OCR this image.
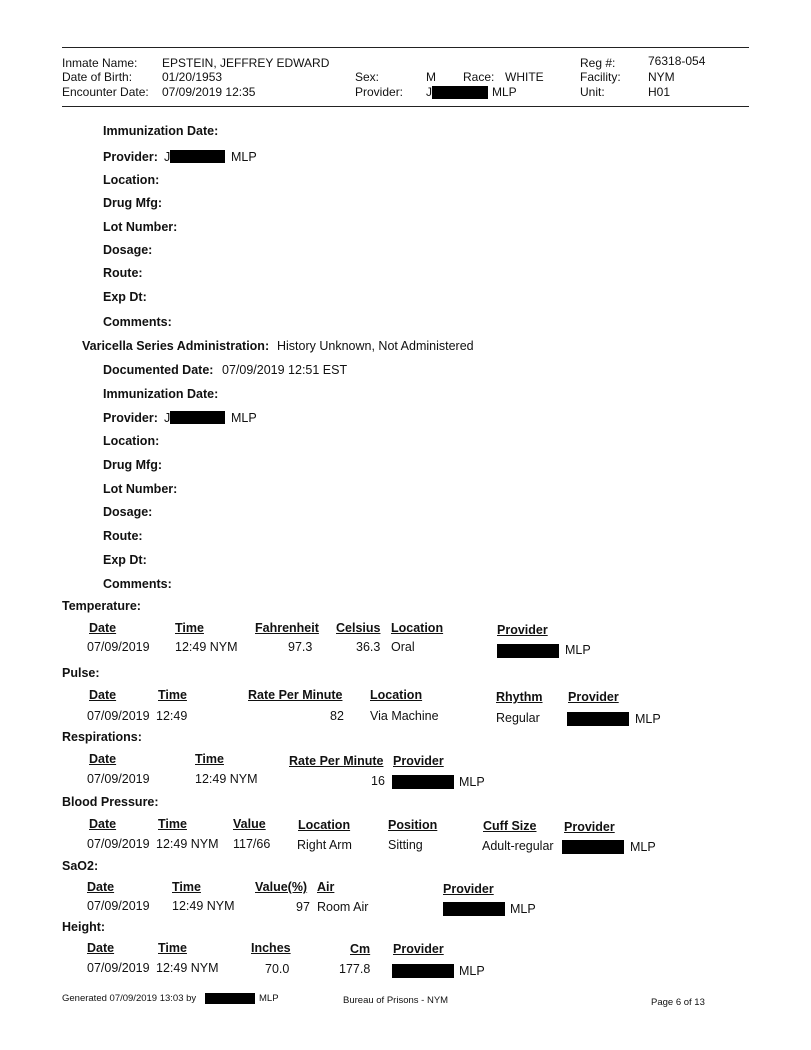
Inmate Name: EPSTEIN, JEFFREY EDWARD
Date of Birth: 01/20/1953
Encounter Date: 07/09/2019 12:35
Sex:	M Race: WHITE
Provider: J	MLP
Reg #:	76318-054
Facility: NYM
Unit:	H01
Immunization Date:
Provider: J	MLP
Location:
Drug Mfg:
Lot Number:
Dosage:
Route:
Exp Dt:
Comments:
Varicella Series Administration: History Unknown, Not Administered
Documented Date: 07/09/2019 12:51 EST
Immunization Date:
Provider: J	MLP
Location:
Drug Mfg:
Lot Number:
Dosage:
Route:
Exp Dt:
Comments:
Temperature:
Date	Time	Fahrenheit Celsius Location	Provider
07/09/2019 12:49 NYM	97.3	36.3 Oral	MLP
Pulse:
Date	Time	Rate Per Minute Location	Rhythm Provider
07/09/2019 12:49	82 Via Machine	Regular	MLP
Respirations:
Date	Time	Rate Per Minute Provider
07/09/2019	12:49 NYM	16	MLP
Blood Pressure:
Date	Time	Value	Location	Position	Cuff Size Provider
07/09/2019 12:49 NYM 117/66 Right Arm	Sitting	Adult-regular	MLP
SaO2:
Date	Time	Value(%) Air	Provider
07/09/2019 12:49 NYM	97 Room Air	MLP
Height:
Date	Time	Inches	Cm Provider
07/09/2019 12:49 NYM	70.0	177.8	MLP
Generated 07/09/2019 13:03 by	MLP	Bureau of Prisons - NYM	Page 6 of 13
